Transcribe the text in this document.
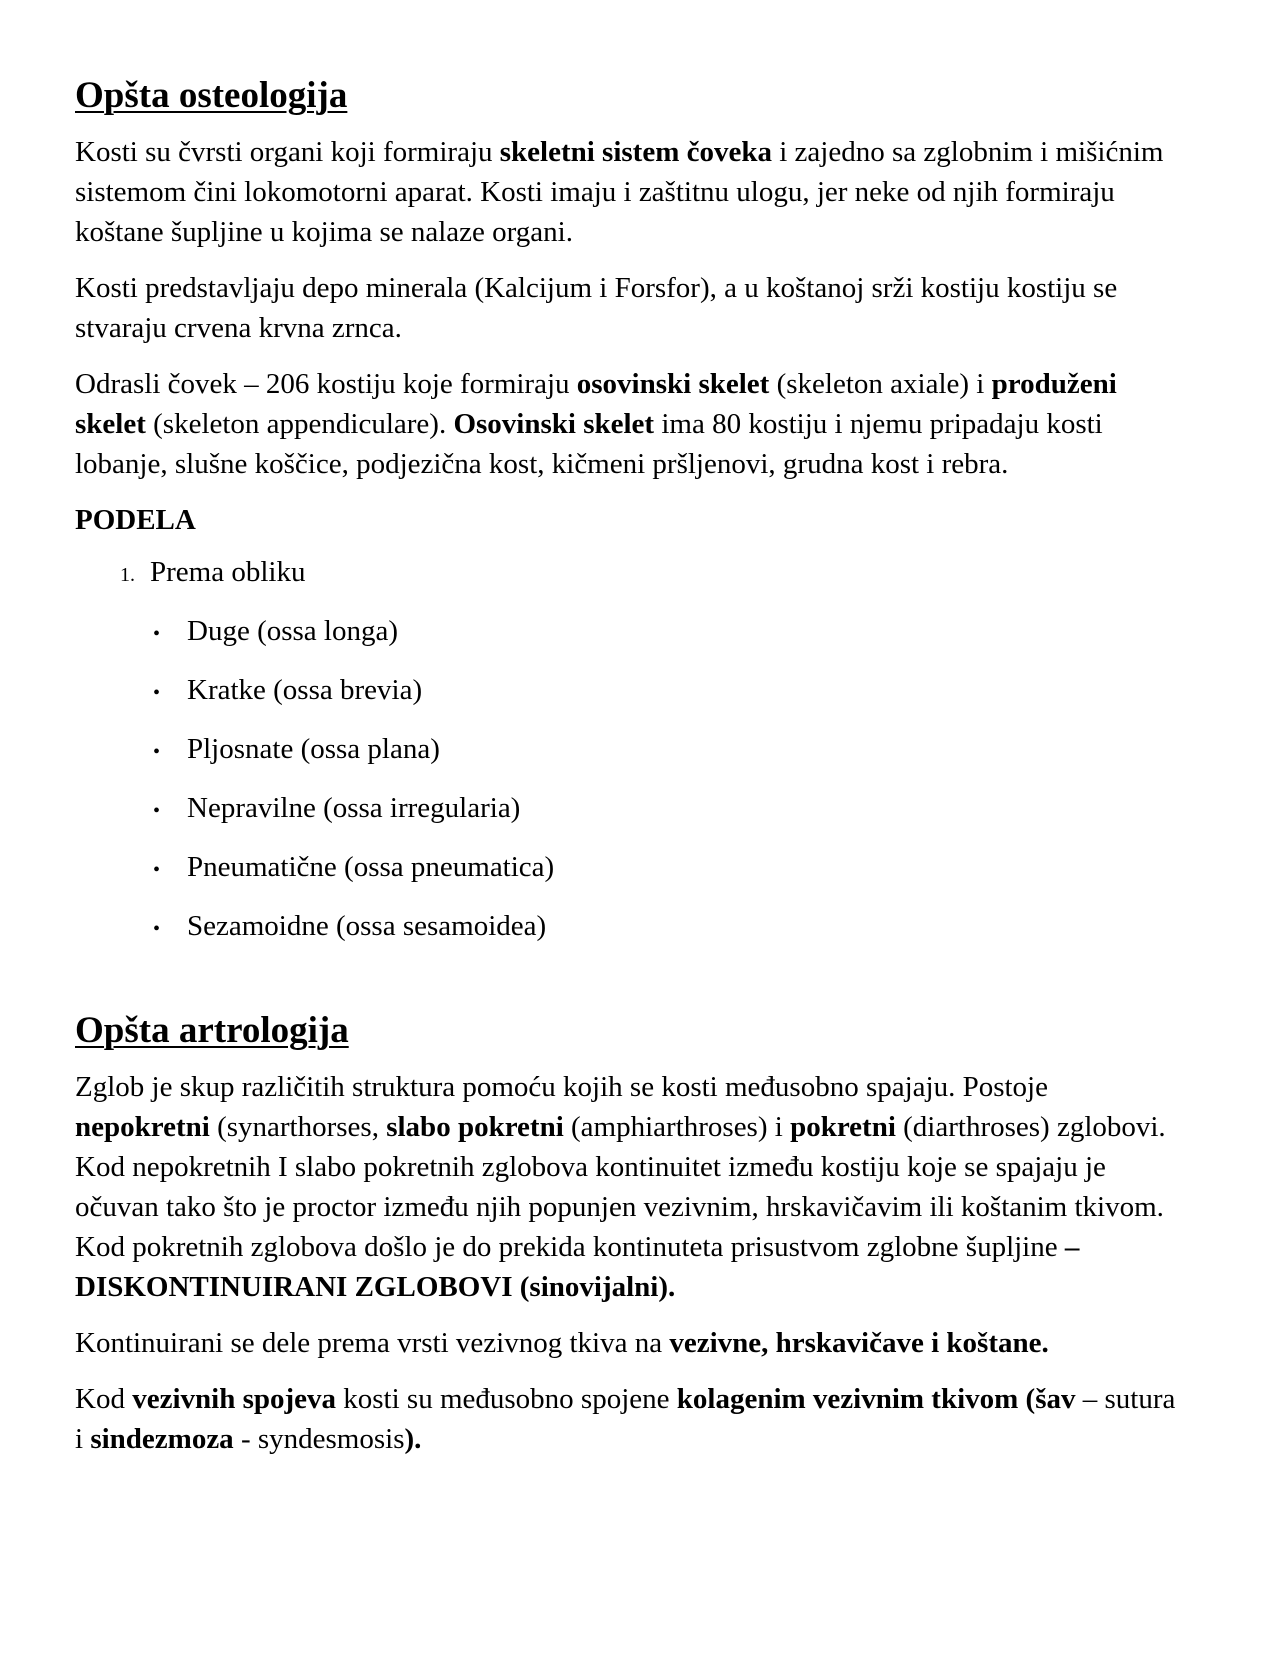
Opšta osteologija

Kosti su čvrsti organi koji formiraju skeletni sistem čoveka i zajedno sa zglobnim i mišićnim sistemom čini lokomotorni aparat. Kosti imaju i zaštitnu ulogu, jer neke od njih formiraju koštane šupljine u kojima se nalaze organi.

Kosti predstavljaju depo minerala (Kalcijum i Forsfor), a u koštanoj srži kostiju kostiju se stvaraju crvena krvna zrnca.

Odrasli čovek – 206 kostiju koje formiraju osovinski skelet (skeleton axiale) i produženi skelet (skeleton appendiculare). Osovinski skelet ima 80 kostiju i njemu pripadaju kosti lobanje, slušne koščice, podjezična kost, kičmeni pršljenovi, grudna kost i rebra.

PODELA

1. Prema obliku
• Duge (ossa longa)
• Kratke (ossa brevia)
• Pljosnate (ossa plana)
• Nepravilne (ossa irregularia)
• Pneumatične (ossa pneumatica)
• Sezamoidne (ossa sesamoidea)
Opšta artrologija

Zglob je skup različitih struktura pomoću kojih se kosti međusobno spajaju. Postoje nepokretni (synarthorses, slabo pokretni (amphiarthroses) i pokretni (diarthroses) zglobovi. Kod nepokretnih I slabo pokretnih zglobova kontinuitet između kostiju koje se spajaju je očuvan tako što je proctor između njih popunjen vezivnim, hrskavičavim ili koštanim tkivom. Kod pokretnih zglobova došlo je do prekida kontinuteta prisustvom zglobne šupljine – DISKONTINUIRANI ZGLOBOVI (sinovijalni).

Kontinuirani se dele prema vrsti vezivnog tkiva na vezivne, hrskavičave i koštane.

Kod vezivnih spojeva kosti su međusobno spojene kolagenim vezivnim tkivom (šav – sutura i sindezmoza - syndesmosis).
